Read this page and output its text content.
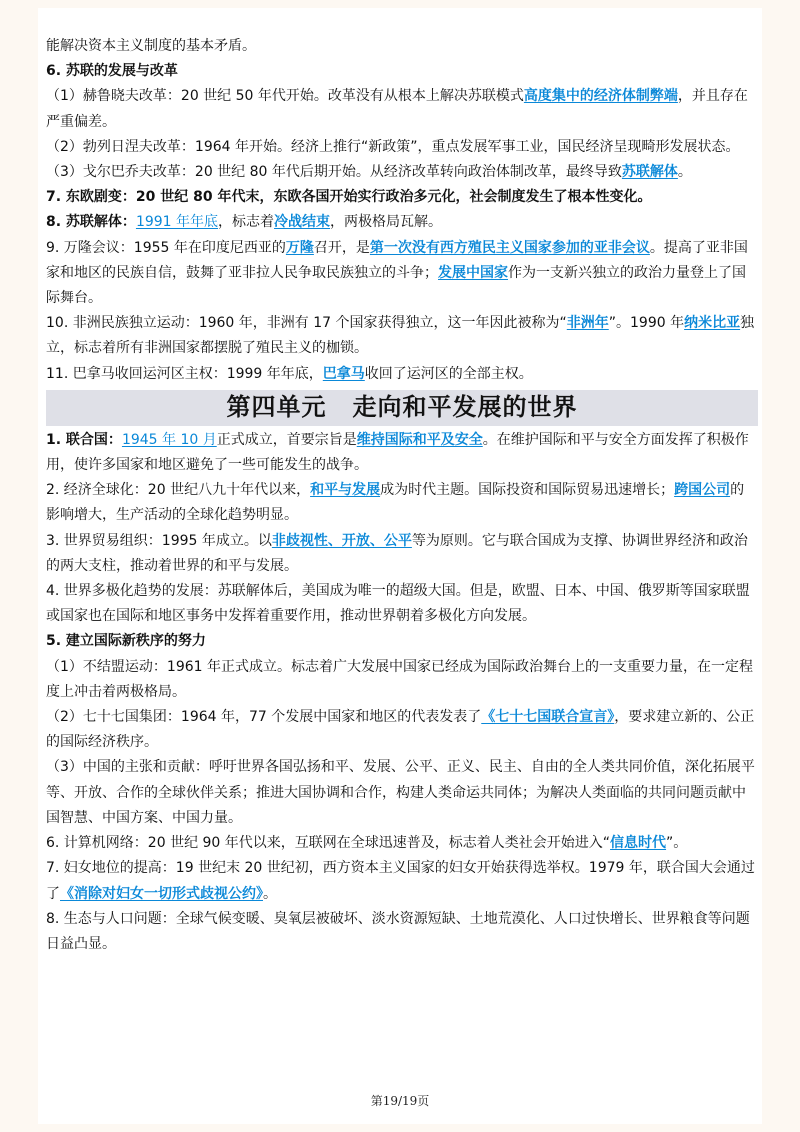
能解决资本主义制度的基本矛盾。

6. 苏联的发展与改革

（1）赫鲁晓夫改革：20 世纪 50 年代开始。改革没有从根本上解决苏联模式高度集中的经济体制弊端，并且存在严重偏差。

（2）勃列日涅夫改革：1964 年开始。经济上推行“新政策”，重点发展军事工业，国民经济呈现畸形发展状态。

（3）戈尔巴乔夫改革：20 世纪 80 年代后期开始。从经济改革转向政治体制改革，最终导致苏联解体。

7. 东欧剧变：20 世纪 80 年代末，东欧各国开始实行政治多元化，社会制度发生了根本性变化。

8. 苏联解体：1991 年年底，标志着冷战结束，两极格局瓦解。

9. 万隆会议：1955 年在印度尼西亚的万隆召开，是第一次没有西方殖民主义国家参加的亚非会议。提高了亚非国家和地区的民族自信，鼓舞了亚非拉人民争取民族独立的斗争；发展中国家作为一支新兴独立的政治力量登上了国际舞台。

10. 非洲民族独立运动：1960 年，非洲有 17 个国家获得独立，这一年因此被称为“非洲年”。1990 年纳米比亚独立，标志着所有非洲国家都摆脱了殖民主义的枷锁。

11. 巴拿马收回运河区主权：1999 年年底，巴拿马收回了运河区的全部主权。

第四单元 走向和平发展的世界

1. 联合国：1945 年 10 月正式成立，首要宗旨是维持国际和平及安全。在维护国际和平与安全方面发挥了积极作用，使许多国家和地区避免了一些可能发生的战争。

2. 经济全球化：20 世纪八九十年代以来，和平与发展成为时代主题。国际投资和国际贸易迅速增长；跨国公司的影响增大，生产活动的全球化趋势明显。

3. 世界贸易组织：1995 年成立。以非歧视性、开放、公平等为原则。它与联合国成为支撑、协调世界经济和政治的两大支柱，推动着世界的和平与发展。

4. 世界多极化趋势的发展：苏联解体后，美国成为唯一的超级大国。但是，欧盟、日本、中国、俄罗斯等国家联盟或国家也在国际和地区事务中发挥着重要作用，推动世界朝着多极化方向发展。

5. 建立国际新秩序的努力

（1）不结盟运动：1961 年正式成立。标志着广大发展中国家已经成为国际政治舞台上的一支重要力量，在一定程度上冲击着两极格局。

（2）七十七国集团：1964 年，77 个发展中国家和地区的代表发表了《七十七国联合宣言》，要求建立新的、公正的国际经济秩序。

（3）中国的主张和贡献：呼吁世界各国弘扬和平、发展、公平、正义、民主、自由的全人类共同价值，深化拓展平等、开放、合作的全球伙伴关系；推进大国协调和合作，构建人类命运共同体；为解决人类面临的共同问题贡献中国智慧、中国方案、中国力量。

6. 计算机网络：20 世纪 90 年代以来，互联网在全球迅速普及，标志着人类社会开始进入“信息时代”。

7. 妇女地位的提高：19 世纪末 20 世纪初，西方资本主义国家的妇女开始获得选举权。1979 年，联合国大会通过了《消除对妇女一切形式歧视公约》。

8. 生态与人口问题：全球气候变暖、臭氧层被破坏、淡水资源短缺、土地荒漠化、人口过快增长、世界粮食等问题日益凸显。

第19/19页
